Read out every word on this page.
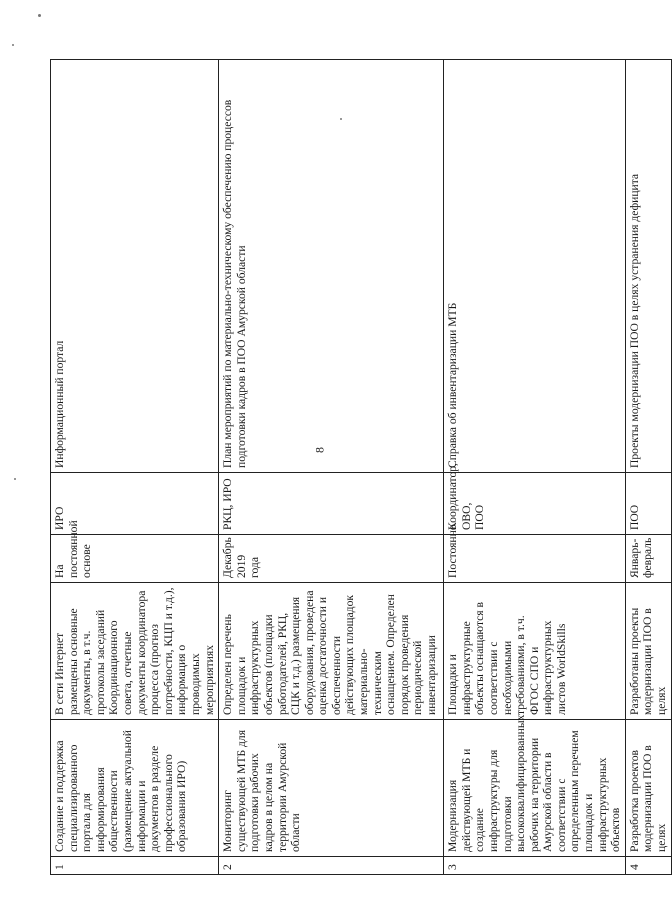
8
1	Создание и поддержка специализированного портала для информирования общественности (размещение актуальной информации и документов в разделе профессионального образования ИРО)	В сети Интернет размещены основные документы, в т.ч. протоколы заседаний Координационного совета, отчетные документы координатора процесса (прогноз потребности, КЦП и т.д.), информация о проводимых мероприятиях	На постоянной основе	ИРО	Информационный портал
2	Мониторинг существующей МТБ для подготовки рабочих кадров в целом на территории Амурской области	Определен перечень площадок и инфраструктурных объектов (площадки работодателей, РКЦ, СЦК и т.д.) размещения оборудования, проведена оценка достаточности и обеспеченности действующих площадок материально-техническим оснащением. Определен порядок проведения периодической инвентаризации	Декабрь 2019 года	РКЦ, ИРО	План мероприятий по материально-техническому обеспечению процессов подготовки кадров в ПОО Амурской области
3	Модернизация действующей МТБ и создание инфраструктуры для подготовки высококвалифицированных рабочих на территории Амурской области в соответствии с определенным перечнем площадок и инфраструктурных объектов	Площадки и инфраструктурные объекты оснащаются в соответствии с необходимыми требованиями, в т.ч. ФГОС СПО и инфраструктурных листов WorldSkills	Постоянно	Координатор, ОВО, ПОО	Справка об инвентаризации МТБ
4	Разработка проектов модернизации ПОО в целях	Разработаны проекты модернизации ПОО в целях	Январь-февраль	ПОО	Проекты модернизации ПОО в целях устранения дефицита
